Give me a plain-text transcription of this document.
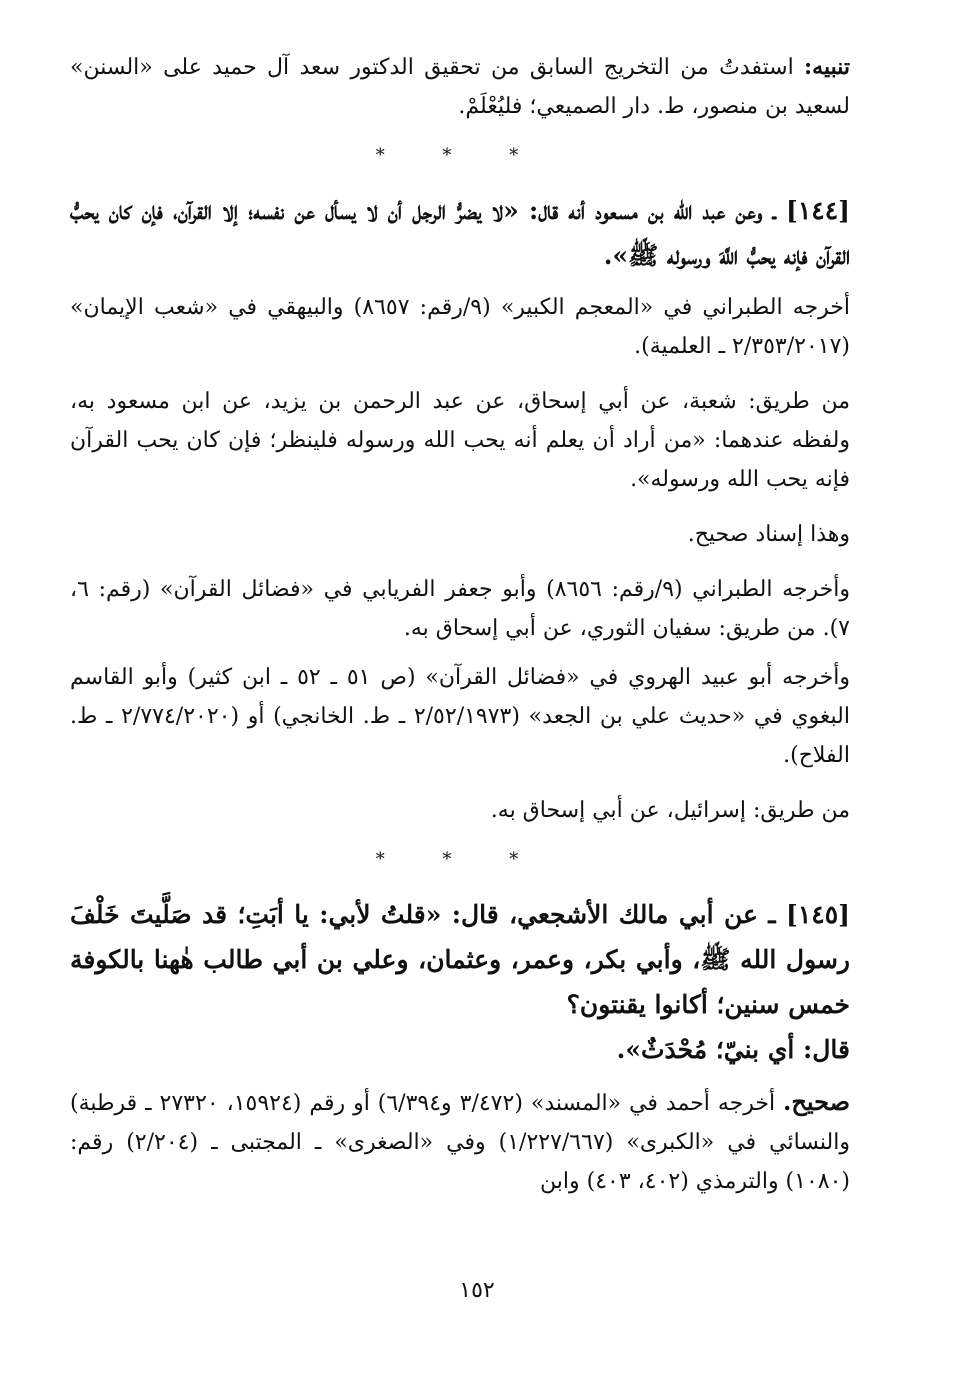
تنبيه: استفدتُ من التخريج السابق من تحقيق الدكتور سعد آل حميد على «السنن» لسعيد بن منصور، ط. دار الصميعي؛ فليُعْلَمْ.

* * *

[١٤٤] ـ وعن عبد الله بن مسعود أنه قال: «لا يضرُّ الرجل أن لا يسأل عن نفسه؛ إلا القرآن، فإن كان يحبُّ القرآن فإنه يحبُّ اللَّهَ ورسوله ﷺ».

أخرجه الطبراني في «المعجم الكبير» (٩/رقم: ٨٦٥٧) والبيهقي في «شعب الإيمان» (٢/٣٥٣/٢٠١٧ ـ العلمية).

من طريق: شعبة، عن أبي إسحاق، عن عبد الرحمن بن يزيد، عن ابن مسعود به، ولفظه عندهما: «من أراد أن يعلم أنه يحب الله ورسوله فلينظر؛ فإن كان يحب القرآن فإنه يحب الله ورسوله».

وهذا إسناد صحيح.

وأخرجه الطبراني (٩/رقم: ٨٦٥٦) وأبو جعفر الفريابي في «فضائل القرآن» (رقم: ٦، ٧). من طريق: سفيان الثوري، عن أبي إسحاق به.

وأخرجه أبو عبيد الهروي في «فضائل القرآن» (ص ٥١ ـ ٥٢ ـ ابن كثير) وأبو القاسم البغوي في «حديث علي بن الجعد» (٢/٥٢/١٩٧٣ ـ ط. الخانجي) أو (٢/٧٧٤/٢٠٢٠ ـ ط. الفلاح).

من طريق: إسرائيل، عن أبي إسحاق به.

* * *

[١٤٥] ـ عن أبي مالك الأشجعي، قال: «قلتُ لأبي: يا أبَتِ؛ قد صَلَّيتَ خَلْفَ رسول الله ﷺ، وأبي بكر، وعمر، وعثمان، وعلي بن أبي طالب هٰهنا بالكوفة خمس سنين؛ أكانوا يقنتون؟

قال: أي بنيّ؛ مُحْدَثٌ».

صحيح. أخرجه أحمد في «المسند» (٣/٤٧٢ و٦/٣٩٤) أو رقم (١٥٩٢٤، ٢٧٣٢٠ ـ قرطبة) والنسائي في «الكبرى» (١/٢٢٧/٦٦٧) وفي «الصغرى» ـ المجتبى ـ (٢/٢٠٤) رقم: (١٠٨٠) والترمذي (٤٠٢، ٤٠٣) وابن

١٥٢
